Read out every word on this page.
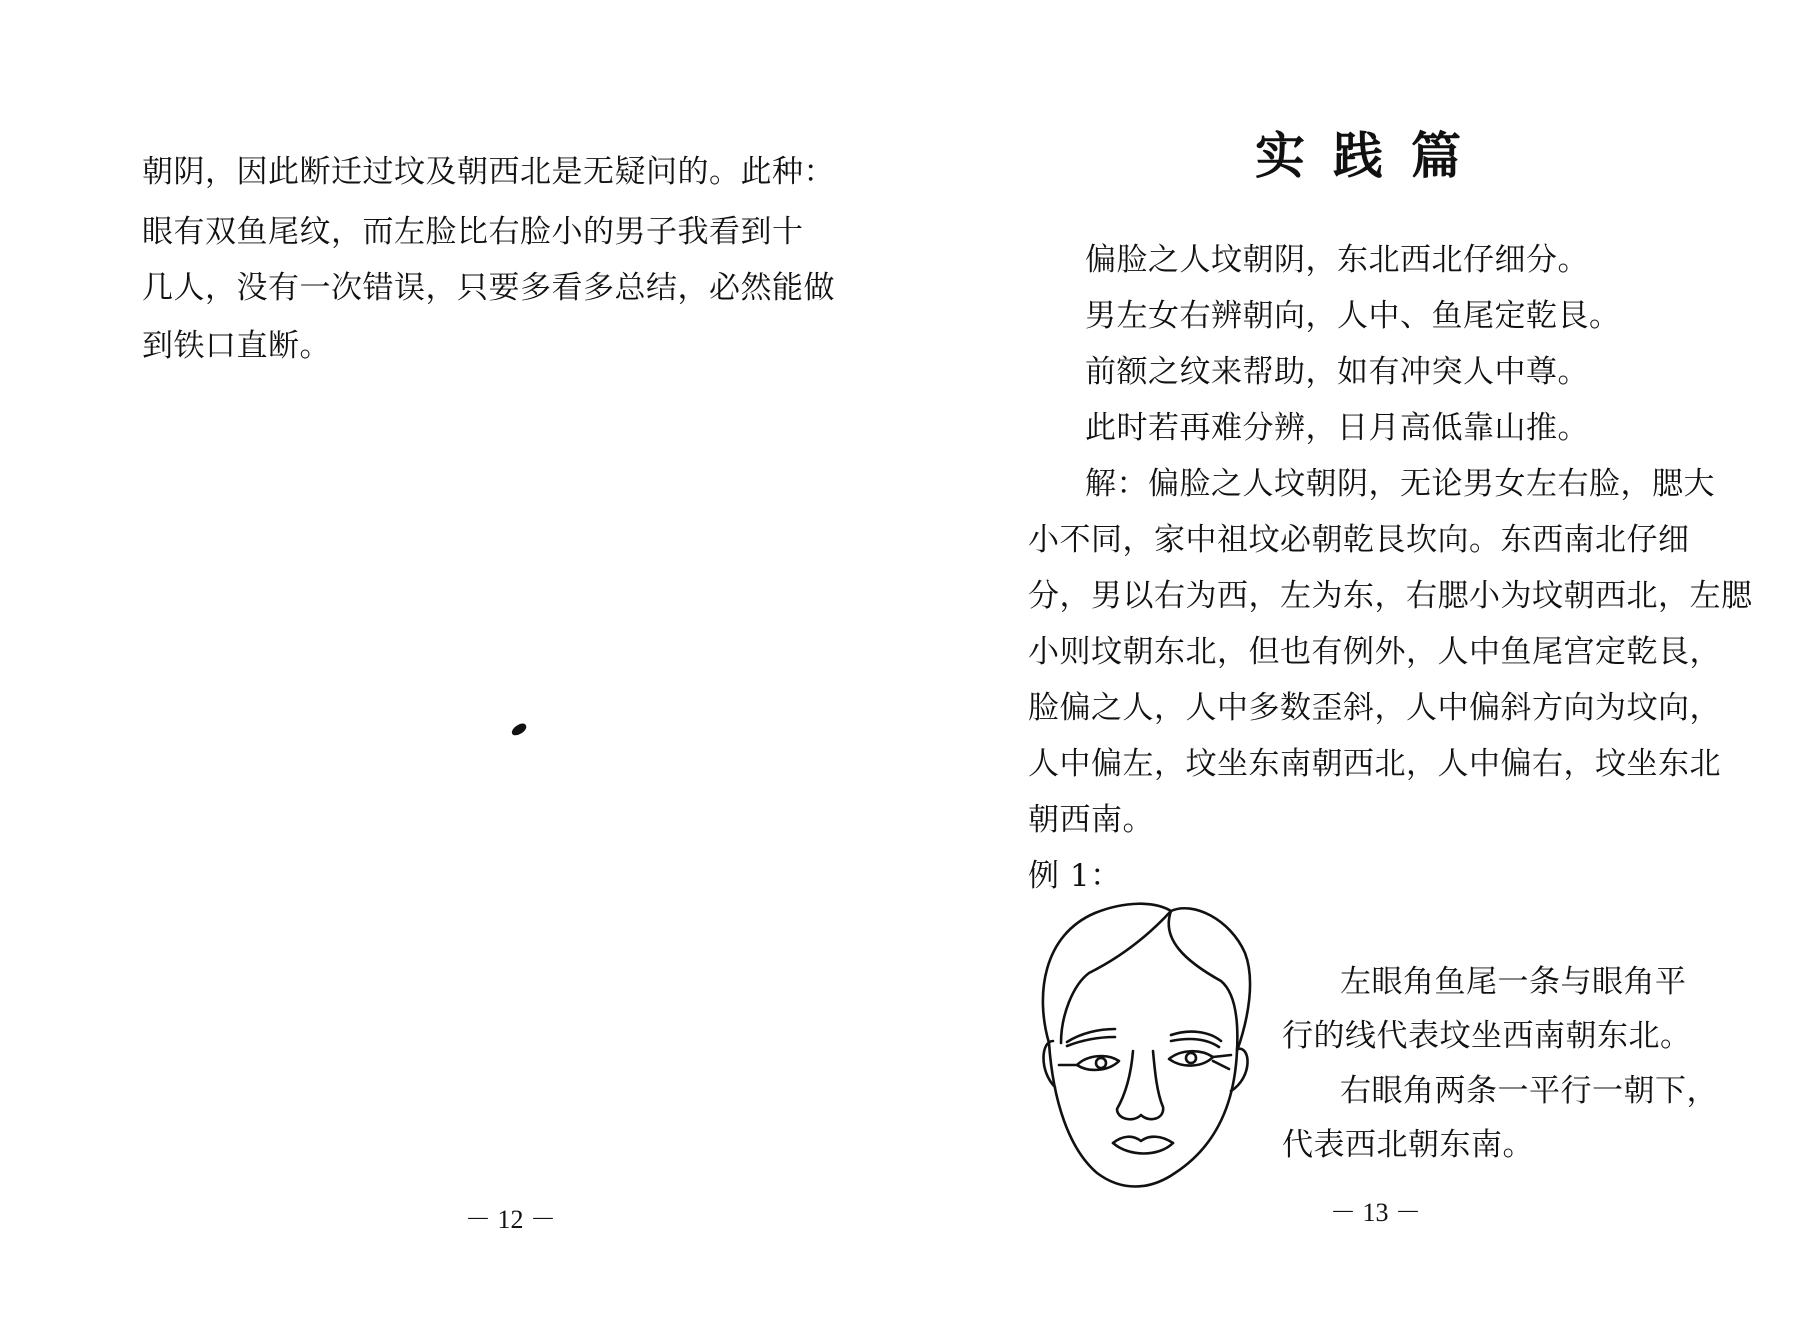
朝阴，因此断迁过坟及朝西北是无疑问的。此种：
眼有双鱼尾纹，而左脸比右脸小的男子我看到十
几人，没有一次错误，只要多看多总结，必然能做
到铁口直断。
－ 12 －
实践篇
偏脸之人坟朝阴，东北西北仔细分。
男左女右辨朝向，人中、鱼尾定乾艮。
前额之纹来帮助，如有冲突人中尊。
此时若再难分辨，日月高低靠山推。
解：偏脸之人坟朝阴，无论男女左右脸，腮大
小不同，家中祖坟必朝乾艮坎向。东西南北仔细
分，男以右为西，左为东，右腮小为坟朝西北，左腮
小则坟朝东北，但也有例外，人中鱼尾宫定乾艮，
脸偏之人，人中多数歪斜，人中偏斜方向为坟向，
人中偏左，坟坐东南朝西北，人中偏右，坟坐东北
朝西南。
例 1：
左眼角鱼尾一条与眼角平
行的线代表坟坐西南朝东北。
右眼角两条一平行一朝下，
代表西北朝东南。
－ 13 －
